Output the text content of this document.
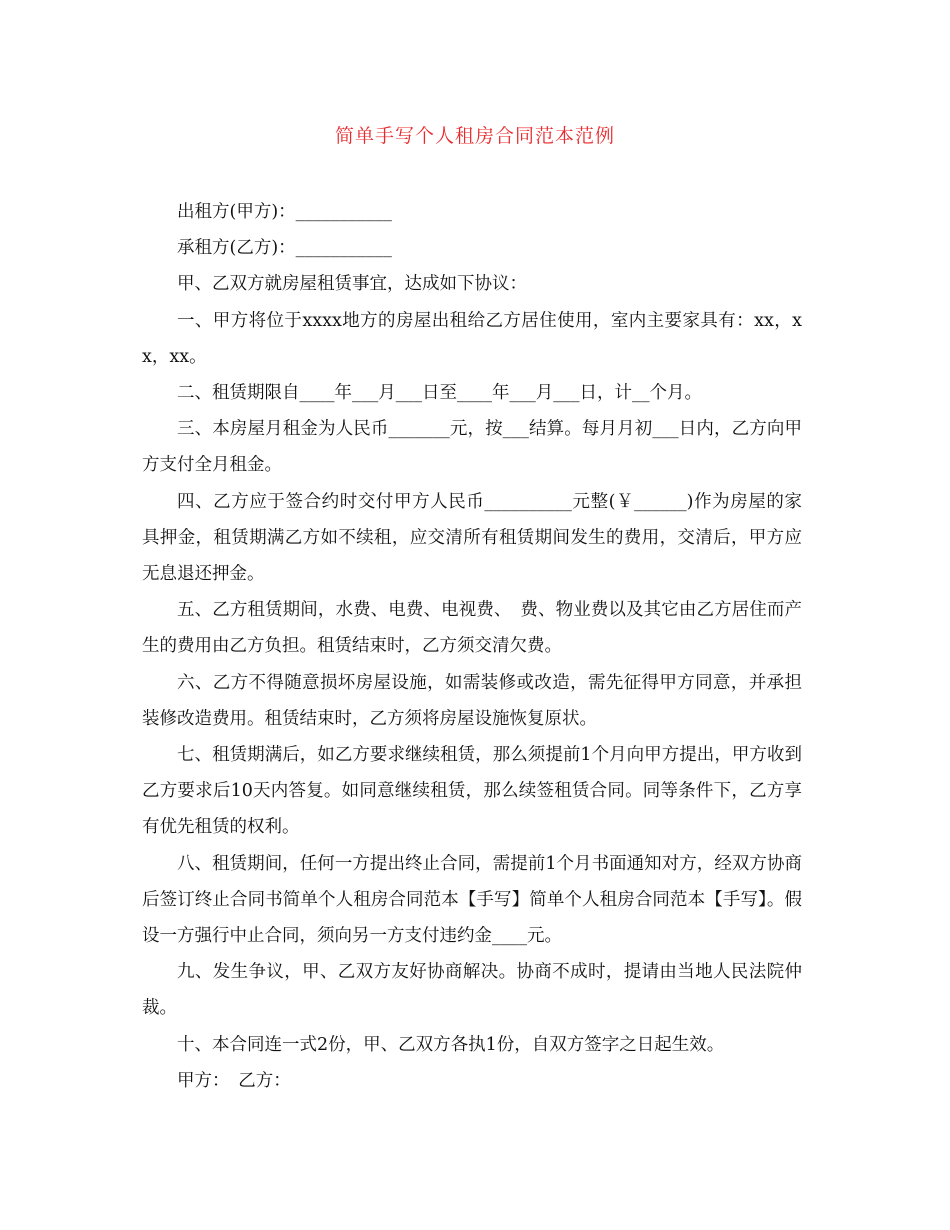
简单手写个人租房合同范本范例

出租方(甲方)：___________

承租方(乙方)：___________

甲、乙双方就房屋租赁事宜，达成如下协议：

一、甲方将位于xxxx地方的房屋出租给乙方居住使用，室内主要家具有：xx，xx，xx。

二、租赁期限自____年___月___日至____年___月___日，计__个月。

三、本房屋月租金为人民币_______元，按___结算。每月月初___日内，乙方向甲方支付全月租金。

四、乙方应于签合约时交付甲方人民币__________元整(￥______)作为房屋的家具押金，租赁期满乙方如不续租，应交清所有租赁期间发生的费用，交清后，甲方应无息退还押金。

五、乙方租赁期间，水费、电费、电视费、　费、物业费以及其它由乙方居住而产生的费用由乙方负担。租赁结束时，乙方须交清欠费。

六、乙方不得随意损坏房屋设施，如需装修或改造，需先征得甲方同意，并承担装修改造费用。租赁结束时，乙方须将房屋设施恢复原状。

七、租赁期满后，如乙方要求继续租赁，那么须提前1个月向甲方提出，甲方收到乙方要求后10天内答复。如同意继续租赁，那么续签租赁合同。同等条件下，乙方享有优先租赁的权利。

八、租赁期间，任何一方提出终止合同，需提前1个月书面通知对方，经双方协商后签订终止合同书简单个人租房合同范本【手写】简单个人租房合同范本【手写】。假设一方强行中止合同，须向另一方支付违约金____元。

九、发生争议，甲、乙双方友好协商解决。协商不成时，提请由当地人民法院仲裁。

十、本合同连一式2份，甲、乙双方各执1份，自双方签字之日起生效。

甲方：　乙方：
